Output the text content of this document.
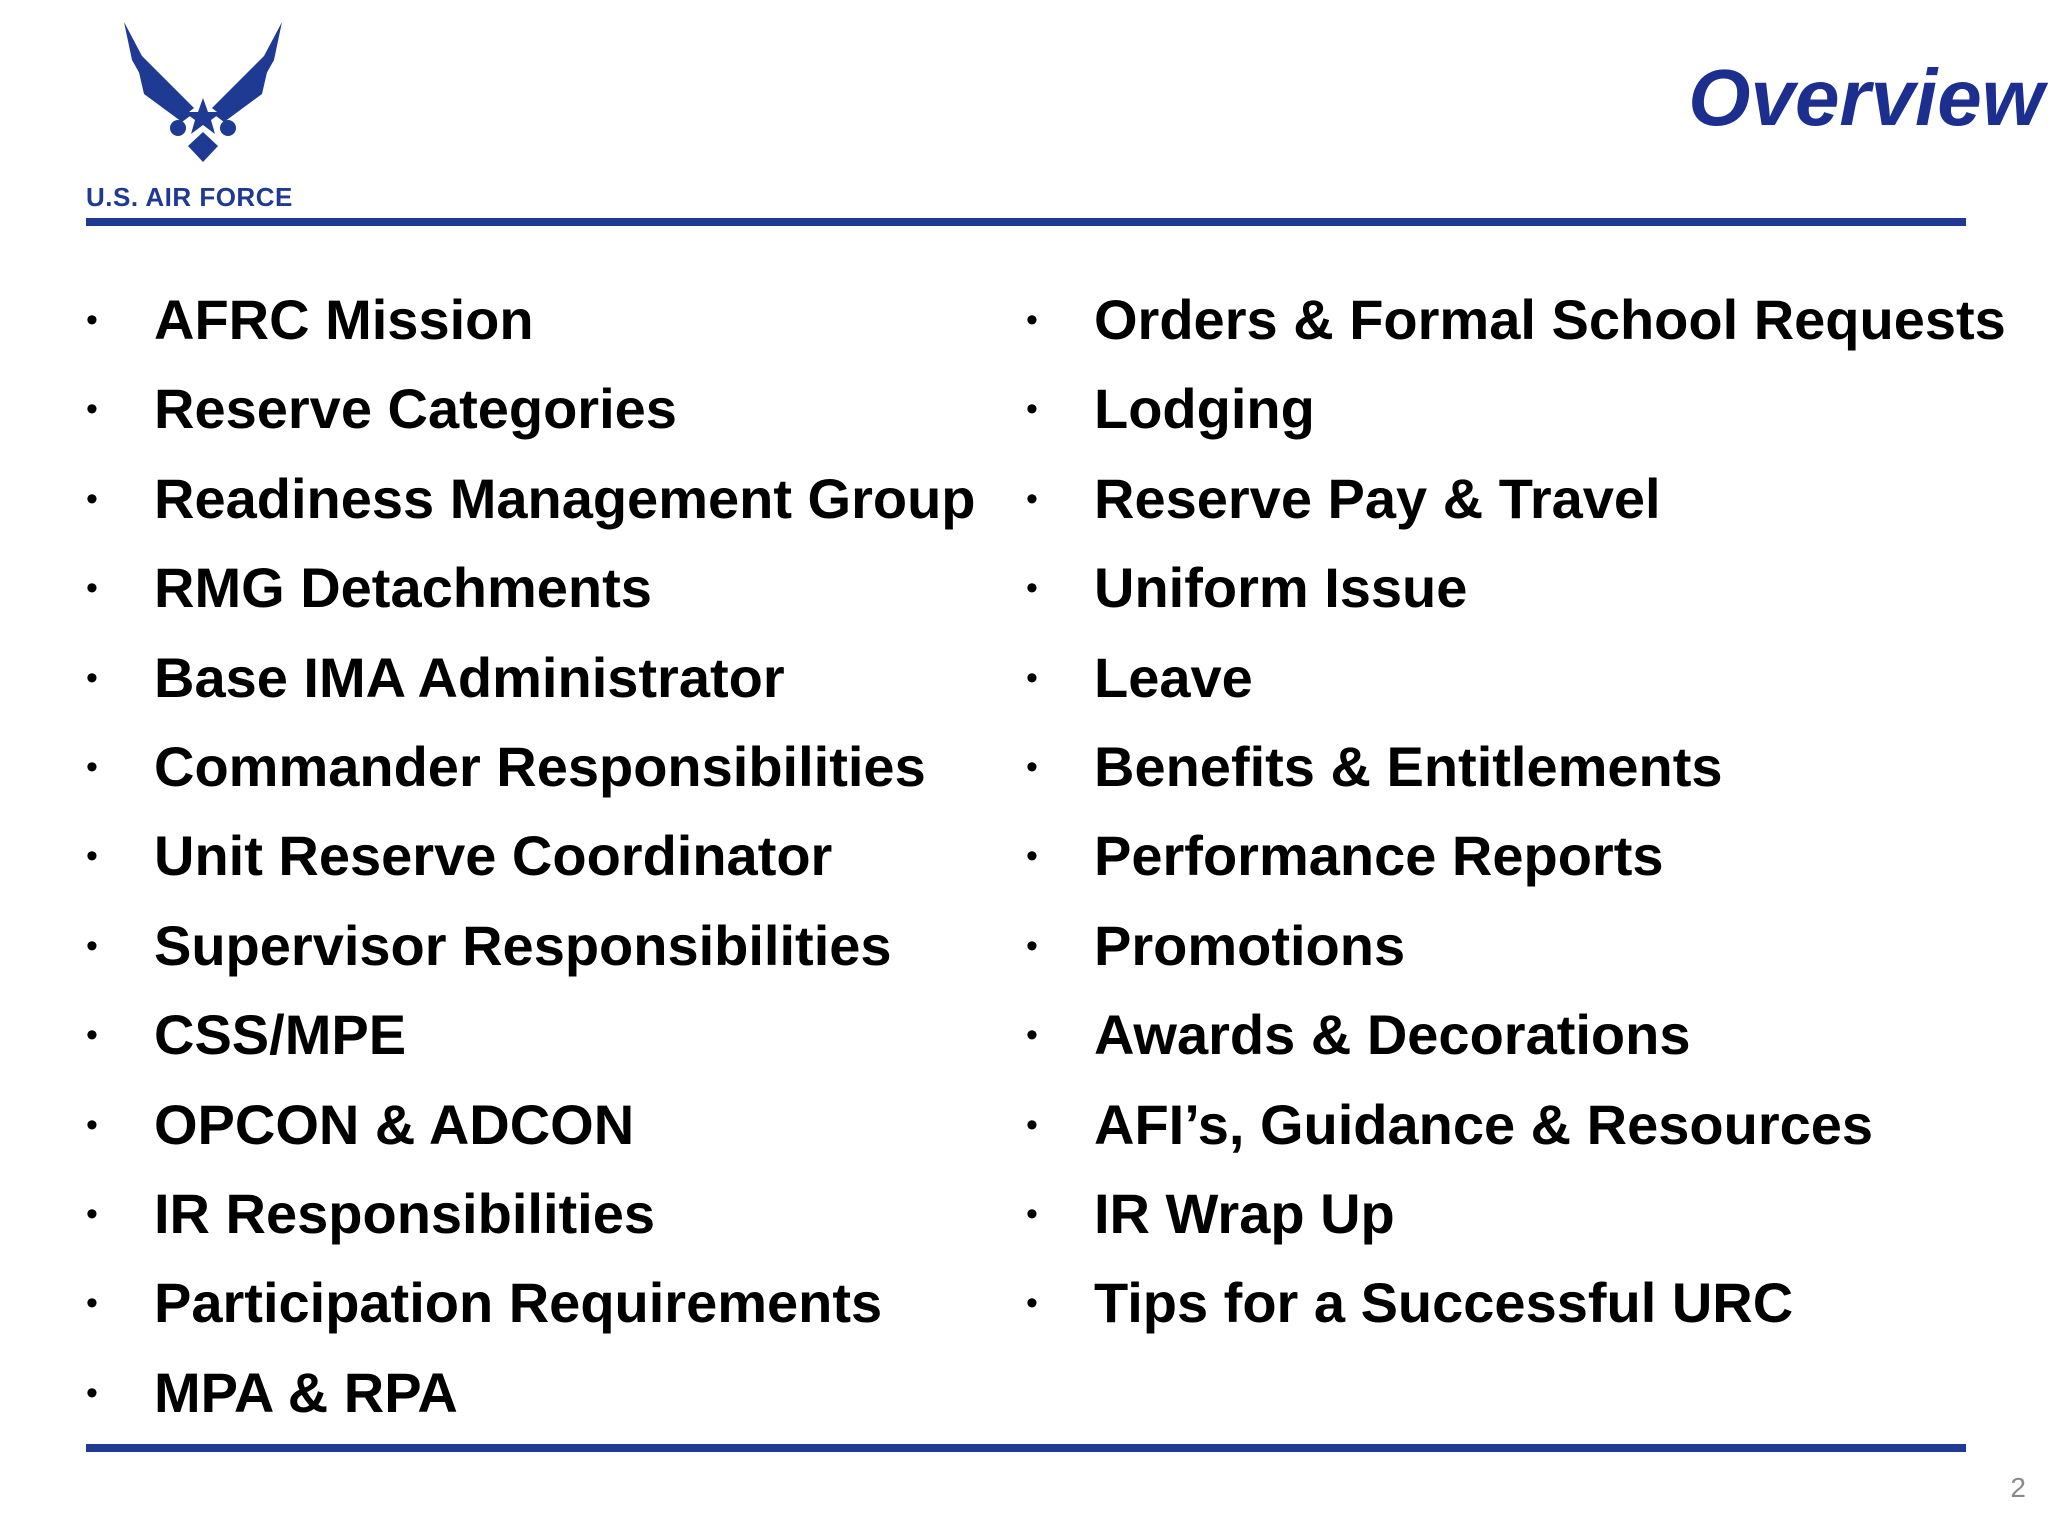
U.S. AIR FORCE
Overview
•	AFRC Mission
•	Reserve Categories
•	Readiness Management Group
•	RMG Detachments
•	Base IMA Administrator
•	Commander Responsibilities
•	Unit Reserve Coordinator
•	Supervisor Responsibilities
•	CSS/MPE
•	OPCON & ADCON
•	IR Responsibilities
•	Participation Requirements
•	MPA & RPA
•	Orders & Formal School Requests
•	Lodging
•	Reserve Pay & Travel
•	Uniform Issue
•	Leave
•	Benefits & Entitlements
•	Performance Reports
•	Promotions
•	Awards & Decorations
•	AFI’s, Guidance & Resources
•	IR Wrap Up
•	Tips for a Successful URC
2
